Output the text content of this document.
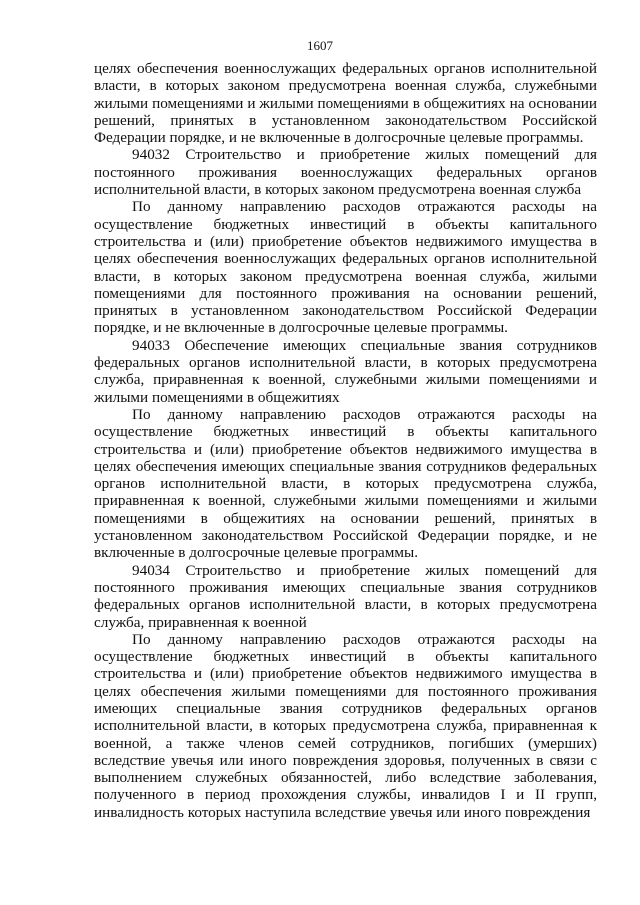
1607

целях обеспечения военнослужащих федеральных органов исполнительной власти, в которых законом предусмотрена военная служба, служебными жилыми помещениями и жилыми помещениями в общежитиях на основании решений, принятых в установленном законодательством Российской Федерации порядке, и не включенные в долгосрочные целевые программы.

94032 Строительство и приобретение жилых помещений для постоянного проживания военнослужащих федеральных органов исполнительной власти, в которых законом предусмотрена военная служба

По данному направлению расходов отражаются расходы на осуществление бюджетных инвестиций в объекты капитального строительства и (или) приобретение объектов недвижимого имущества в целях обеспечения военнослужащих федеральных органов исполнительной власти, в которых законом предусмотрена военная служба, жилыми помещениями для постоянного проживания на основании решений, принятых в установленном законодательством Российской Федерации порядке, и не включенные в долгосрочные целевые программы.

94033 Обеспечение имеющих специальные звания сотрудников федеральных органов исполнительной власти, в которых предусмотрена служба, приравненная к военной, служебными жилыми помещениями и жилыми помещениями в общежитиях

По данному направлению расходов отражаются расходы на осуществление бюджетных инвестиций в объекты капитального строительства и (или) приобретение объектов недвижимого имущества в целях обеспечения имеющих специальные звания сотрудников федеральных органов исполнительной власти, в которых предусмотрена служба, приравненная к военной, служебными жилыми помещениями и жилыми помещениями в общежитиях на основании решений, принятых в установленном законодательством Российской Федерации порядке, и не включенные в долгосрочные целевые программы.

94034 Строительство и приобретение жилых помещений для постоянного проживания имеющих специальные звания сотрудников федеральных органов исполнительной власти, в которых предусмотрена служба, приравненная к военной

По данному направлению расходов отражаются расходы на осуществление бюджетных инвестиций в объекты капитального строительства и (или) приобретение объектов недвижимого имущества в целях обеспечения жилыми помещениями для постоянного проживания имеющих специальные звания сотрудников федеральных органов исполнительной власти, в которых предусмотрена служба, приравненная к военной, а также членов семей сотрудников, погибших (умерших) вследствие увечья или иного повреждения здоровья, полученных в связи с выполнением служебных обязанностей, либо вследствие заболевания, полученного в период прохождения службы, инвалидов I и II групп, инвалидность которых наступила вследствие увечья или иного повреждения
